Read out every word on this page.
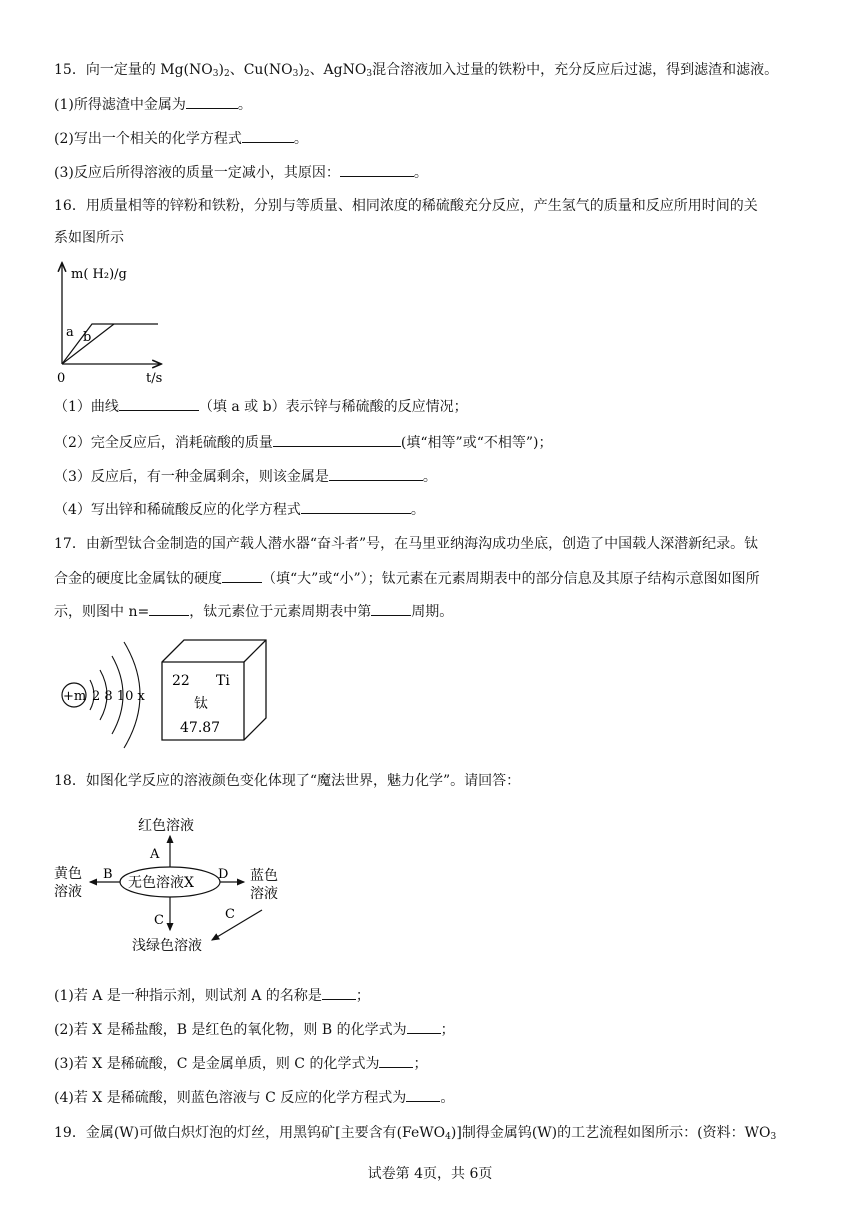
15．向一定量的 $Mg(NO_3)_2$、$Cu(NO_3)_2$、AgNO$_3$混合溶液加入过量的铁粉中，充分反应后过滤，得到滤渣和滤液。
(1)所得滤渣中金属为	。
(2)写出一个相关的化学方程式	。
(3)反应后所得溶液的质量一定减小，其原因：	。
16．用质量相等的锌粉和铁粉，分别与等质量、相同浓度的稀硫酸充分反应，产生氢气的质量和反应所用时间的关
系如图所示
m( H₂)/g
t/s
0
a b
（1）曲线	（填 a 或 b）表示锌与稀硫酸的反应情况；
（2）完全反应后，消耗硫酸的质量	(填“相等”或“不相等”)；
（3）反应后，有一种金属剩余，则该金属是	。
（4）写出锌和稀硫酸反应的化学方程式	。
17．由新型钛合金制造的国产载人潜水器“奋斗者”号，在马里亚纳海沟成功坐底，创造了中国载人深潜新纪录。钛
合金的硬度比金属钛的硬度	（填“大”或“小”）；钛元素在元素周期表中的部分信息及其原子结构示意图如图所
示，则图中 n=	，钛元素位于元素周期表中第	周期。
+m 2 8 10 x
22 Ti
钛
47.87
18．如图化学反应的溶液颜色变化体现了“魔法世界，魅力化学”。请回答：
红色溶液
无色溶液X
A
B
黄色
溶液
D 蓝色
溶液
C	C
浅绿色溶液
(1)若 A 是一种指示剂，则试剂 A 的名称是 ；
(2)若 X 是稀盐酸，B 是红色的氧化物，则 B 的化学式为 ；
(3)若 X 是稀硫酸，C 是金属单质，则 C 的化学式为 ；
(4)若 X 是稀硫酸，则蓝色溶液与 C 反应的化学方程式为 。
19．金属(W)可做白炽灯泡的灯丝，用黑钨矿[主要含有(FeWO$_4$)]制得金属钨(W)的工艺流程如图所示：(资料：$WO_3$
试卷第 4页，共 6页
